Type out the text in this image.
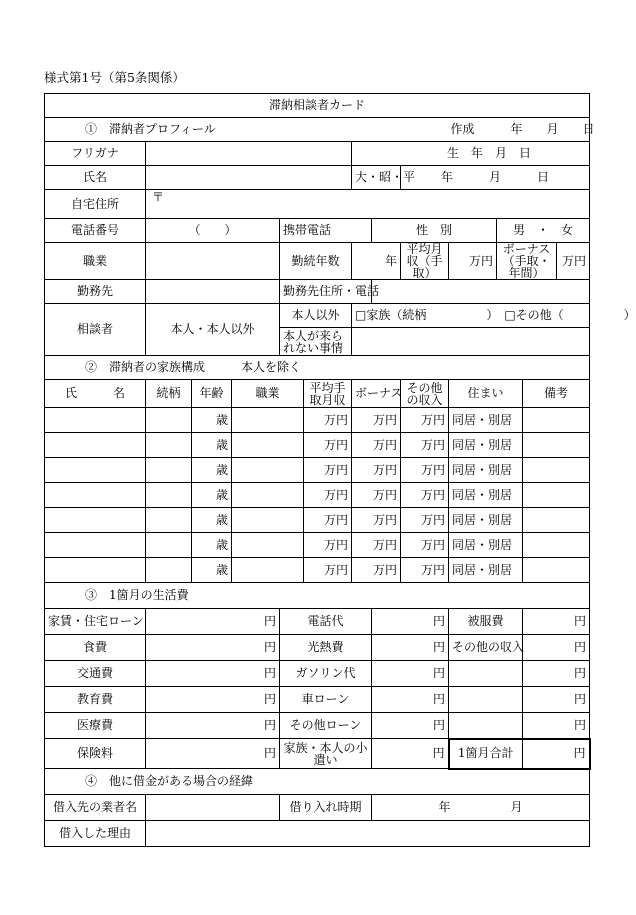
様式第1号（第5条関係）
滞納相談者カード												
①　滞納者プロフィール									作成　　　年　　月　　日			
フリガナ						生　年　月　日						
氏名						大・昭・平		年　　　月　　　日				
自宅住所	〒											
電話番号	（　　）			携帯電話			性　別			男　・　女		
職業				勤続年数		年		平均月収（手取）	万円	ボーナス（手取・年間）		万円
勤務先				勤務先住所・電話								
相談者	本人・本人以外			本人以外		□家族（続柄　　　　　）　□その他（　　　　　）						
				本人が来られない事情								
②　滞納者の家族構成　　　本人を除く												
氏　　　名	続柄	年齢	職業		平均手取月収	ボーナス		その他の収入	住まい		備考	
		歳			万円	万円		万円	同居・別居			
		歳			万円	万円		万円	同居・別居			
		歳			万円	万円		万円	同居・別居			
		歳			万円	万円		万円	同居・別居			
		歳			万円	万円		万円	同居・別居			
		歳			万円	万円		万円	同居・別居			
		歳			万円	万円		万円	同居・別居			
③　1箇月の生活費												
家賃・住宅ローン	円			電話代			円		被服費		円	
食費	円			光熱費			円		その他の収入		円	
交通費	円			ガソリン代			円				円	
教育費	円			車ローン			円				円	
医療費	円			その他ローン			円				円	
保険料	円			家族・本人の小遣い			円		1箇月合計		円	
④　他に借金がある場合の経緯												
借入先の業者名				借り入れ時期			年　　　　　月					
借入した理由												
